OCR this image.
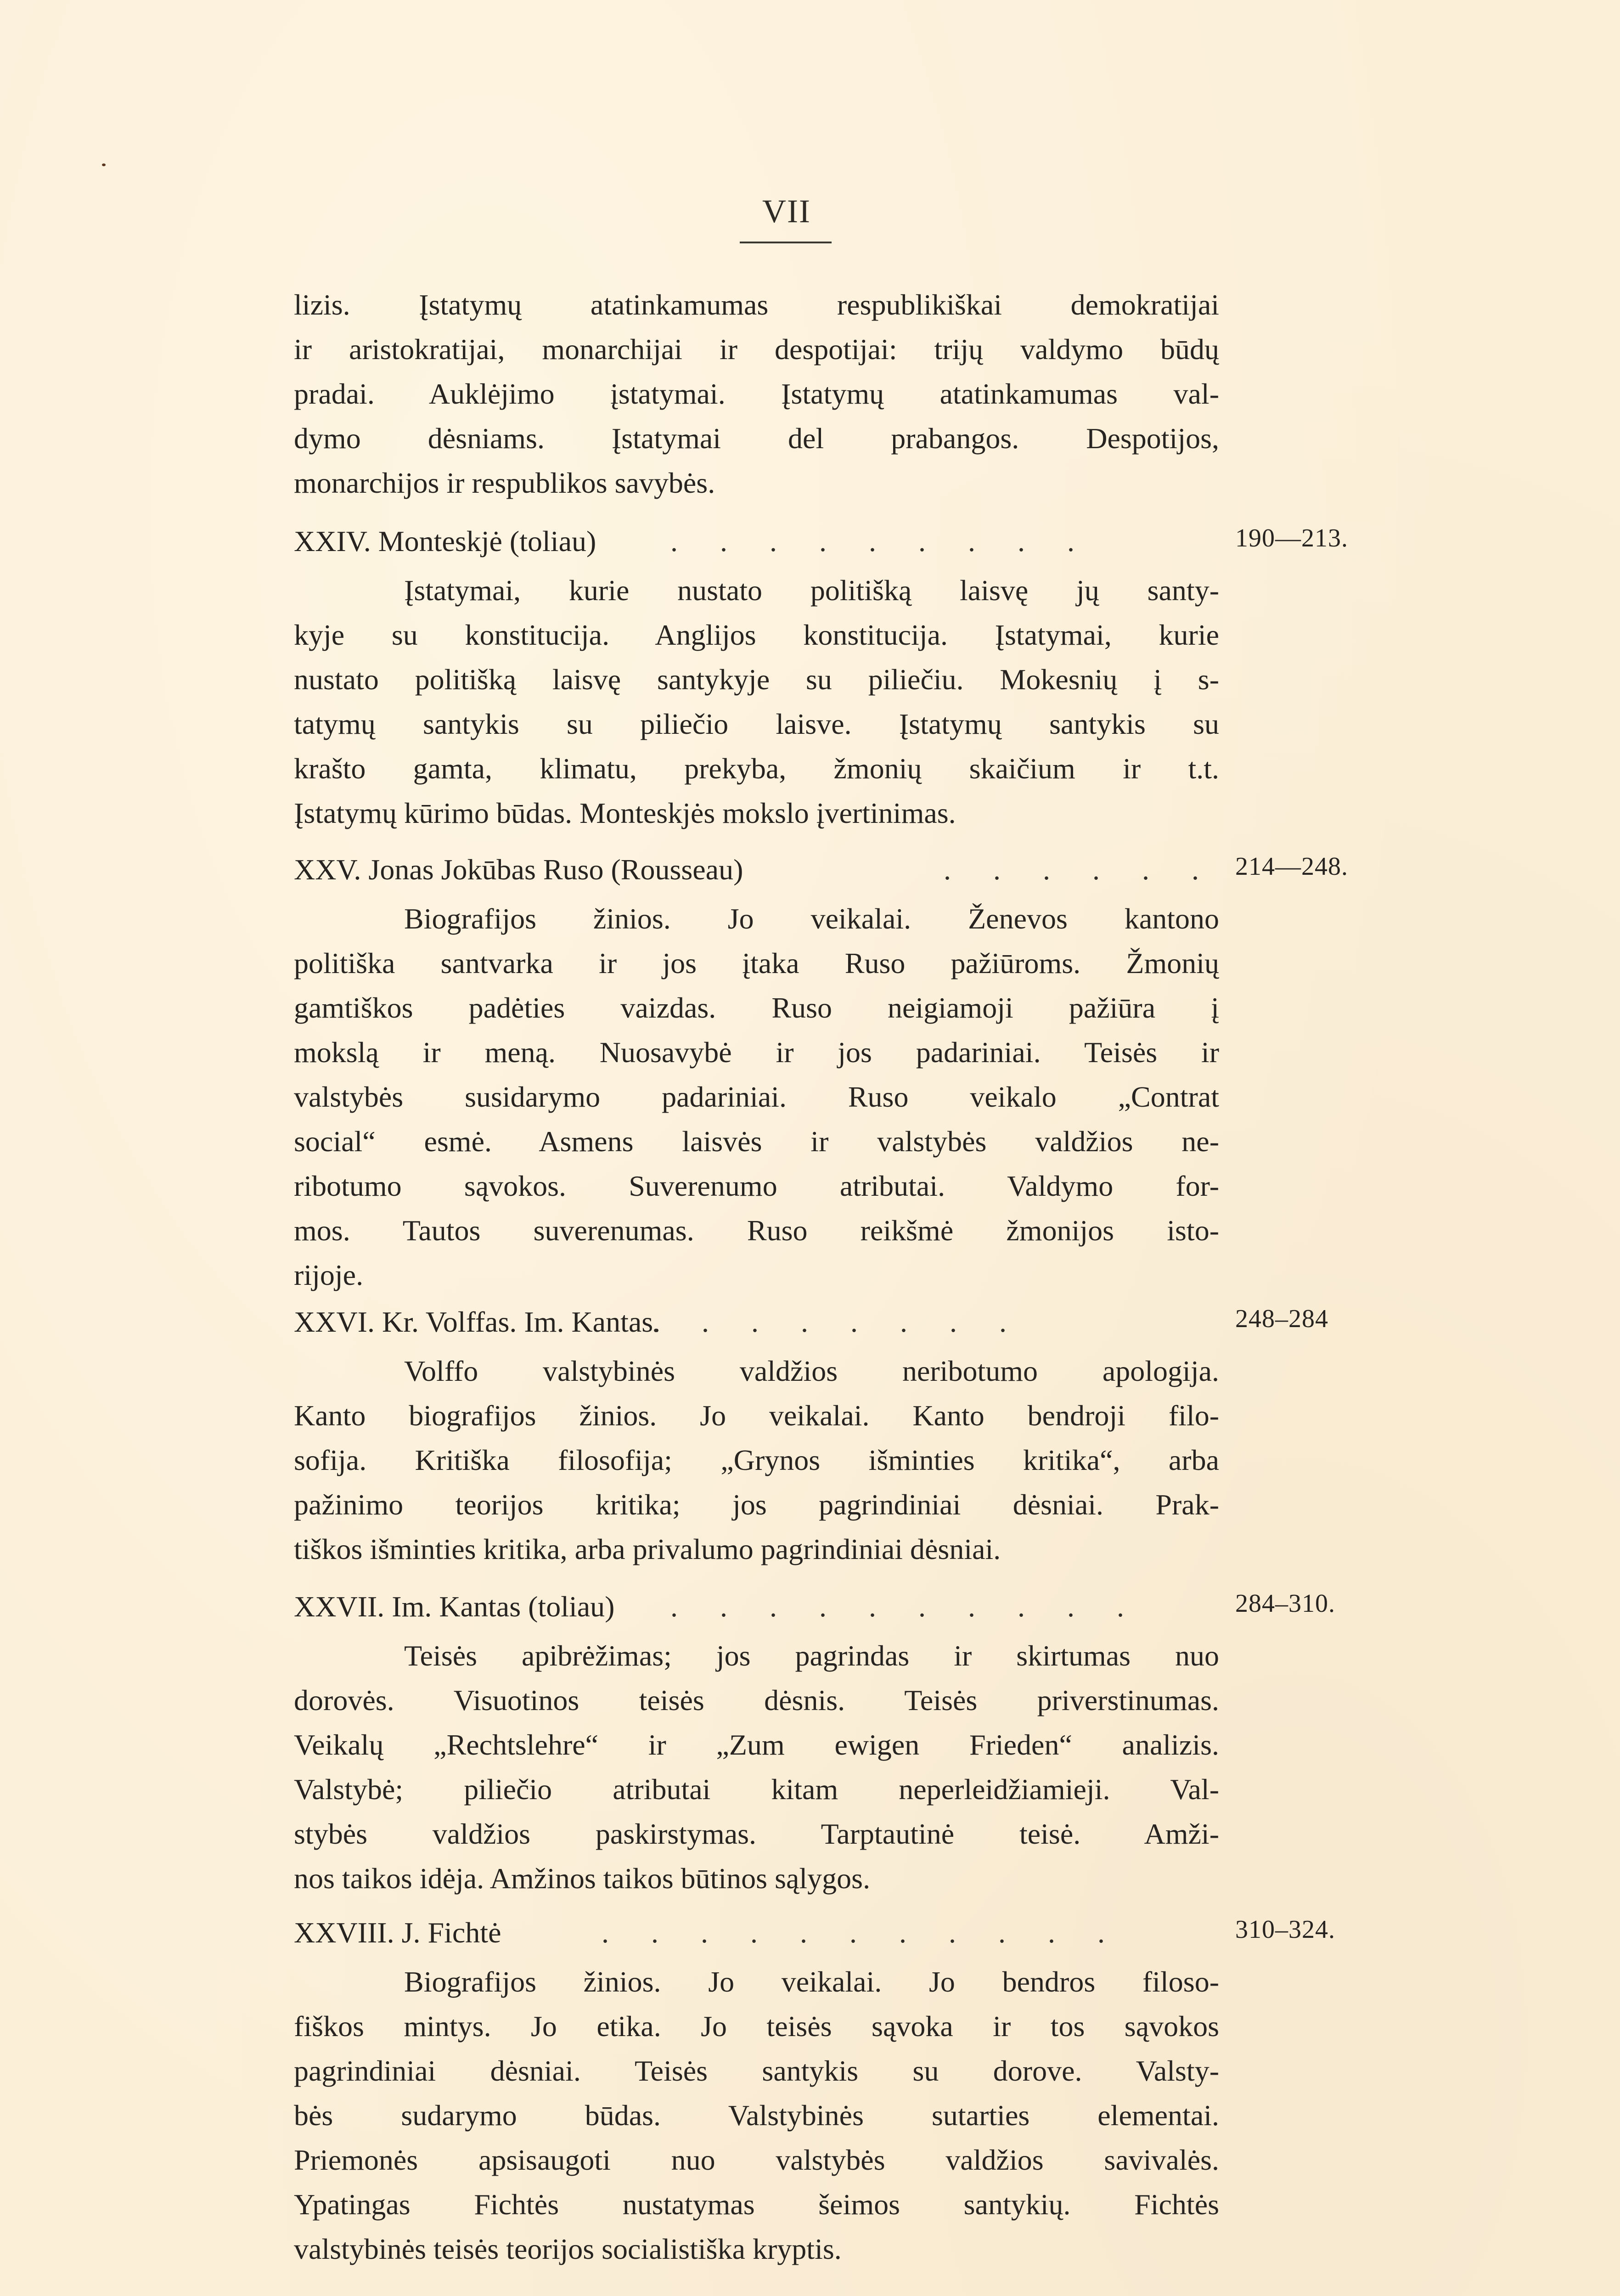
VII

lizis. Įstatymų atatinkamumas respublikiškai demokratijai
ir aristokratijai, monarchijai ir despotijai: trijų valdymo būdų
pradai. Auklėjimo įstatymai. Įstatymų atatinkamumas val-
dymo dėsniams. Įstatymai del prabangos. Despotijos,
monarchijos ir respublikos savybės.

XXIV. Monteskjė (toliau)	. . . . . . . . .	190—213.

Įstatymai, kurie nustato politišką laisvę jų santy-
kyje su konstitucija. Anglijos konstitucija. Įstatymai, kurie
nustato politišką laisvę santykyje su piliečiu. Mokesnių į s-
tatymų santykis su piliečio laisve. Įstatymų santykis su
krašto gamta, klimatu, prekyba, žmonių skaičium ir t.t.
Įstatymų kūrimo būdas. Monteskjės mokslo įvertinimas.

XXV. Jonas Jokūbas Ruso (Rousseau)	. . . . . . 214—248.

Biografijos žinios. Jo veikalai. Ženevos kantono
politiška santvarka ir jos įtaka Ruso pažiūroms. Žmonių
gamtiškos padėties vaizdas. Ruso neigiamoji pažiūra į
mokslą ir meną. Nuosavybė ir jos padariniai. Teisės ir
valstybės susidarymo padariniai. Ruso veikalo „Contrat
social“ esmė. Asmens laisvės ir valstybės valdžios ne-
ribotumo sąvokos. Suverenumo atributai. Valdymo for-
mos. Tautos suverenumas. Ruso reikšmė žmonijos isto-
rijoje.

XXVI. Kr. Volffas. Im. Kantas.
. . . . . . . .	248–284

Volffo valstybinės valdžios neribotumo apologija.
Kanto biografijos žinios. Jo veikalai. Kanto bendroji filo-
sofija. Kritiška filosofija; „Grynos išminties kritika“, arba
pažinimo teorijos kritika; jos pagrindiniai dėsniai. Prak-
tiškos išminties kritika, arba privalumo pagrindiniai dėsniai.

XXVII. Im. Kantas (toliau) . . . . . . . . . .	284–310.

Teisės apibrėžimas; jos pagrindas ir skirtumas nuo
dorovės. Visuotinos teisės dėsnis. Teisės priverstinumas.
Veikalų „Rechtslehre“ ir „Zum ewigen Frieden“ analizis.
Valstybė; piliečio atributai kitam neperleidžiamieji. Val-
stybės valdžios paskirstymas. Tarptautinė teisė. Amži-
nos taikos idėja. Amžinos taikos būtinos sąlygos.

XXVIII. J. Fichtė	. . . . . . . . . . .	310–324.

Biografijos žinios. Jo veikalai. Jo bendros filoso-
fiškos mintys. Jo etika. Jo teisės sąvoka ir tos sąvokos
pagrindiniai dėsniai. Teisės santykis su dorove. Valsty-
bės sudarymo būdas. Valstybinės sutarties elementai.
Priemonės apsisaugoti nuo valstybės valdžios savivalės.
Ypatingas Fichtės nustatymas šeimos santykių. Fichtės
valstybinės teisės teorijos socialistiška kryptis.
